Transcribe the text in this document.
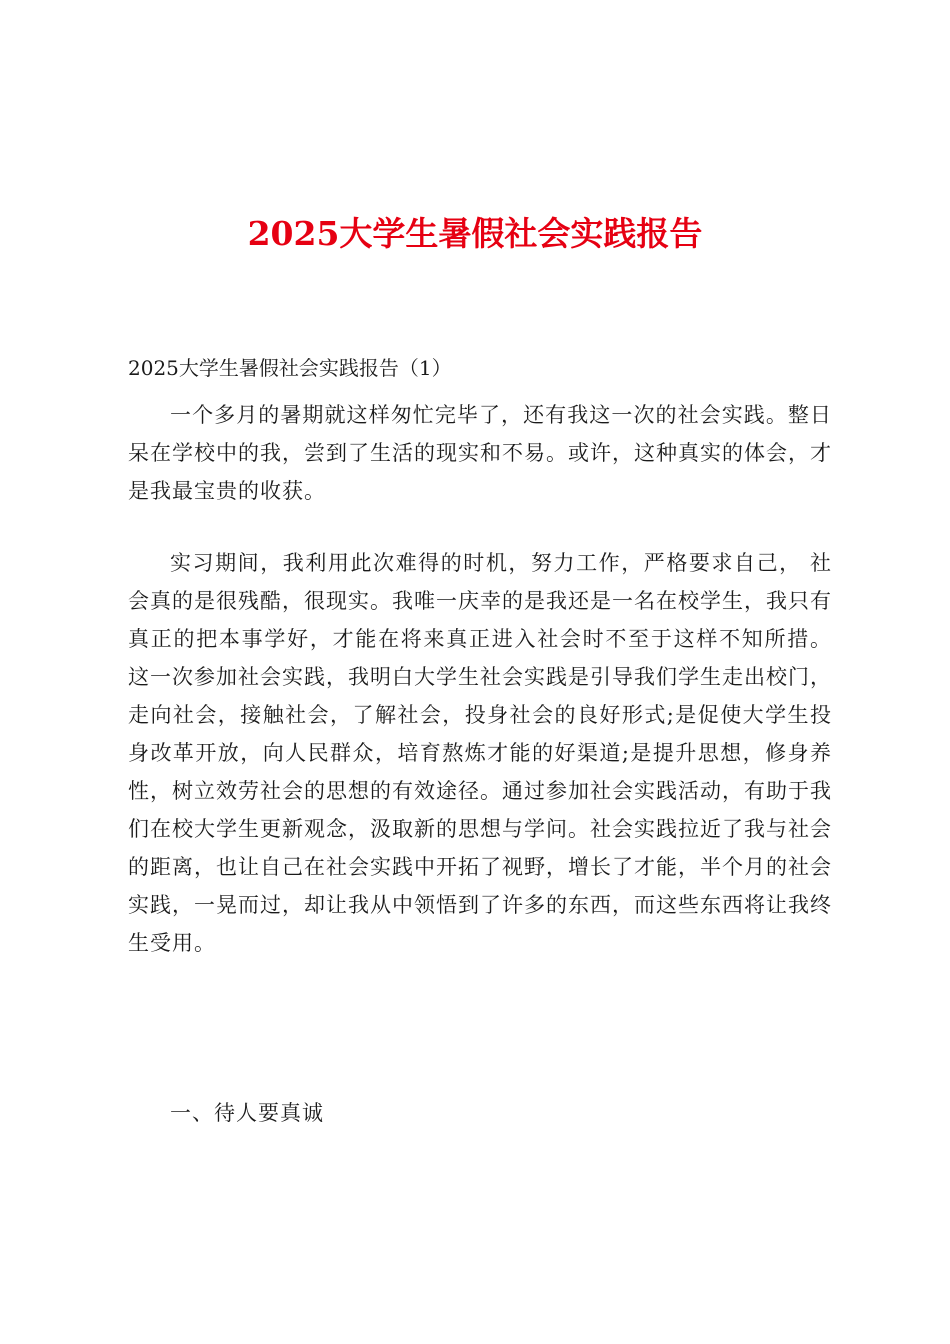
2025大学生暑假社会实践报告
2025大学生暑假社会实践报告（1）

一个多月的暑期就这样匆忙完毕了，还有我这一次的社会实践。整日呆在学校中的我，尝到了生活的现实和不易。或许，这种真实的体会，才是我最宝贵的收获。

实习期间，我利用此次难得的时机，努力工作，严格要求自己， 社会真的是很残酷，很现实。我唯一庆幸的是我还是一名在校学生，我只有真正的把本事学好，才能在将来真正进入社会时不至于这样不知所措。 这一次参加社会实践，我明白大学生社会实践是引导我们学生走出校门，走向社会，接触社会，了解社会，投身社会的良好形式;是促使大学生投身改革开放，向人民群众，培育熬炼才能的好渠道;是提升思想，修身养性，树立效劳社会的思想的有效途径。通过参加社会实践活动，有助于我们在校大学生更新观念，汲取新的思想与学问。社会实践拉近了我与社会的距离，也让自己在社会实践中开拓了视野，增长了才能，半个月的社会实践，一晃而过，却让我从中领悟到了许多的东西，而这些东西将让我终生受用。

一、待人要真诚
